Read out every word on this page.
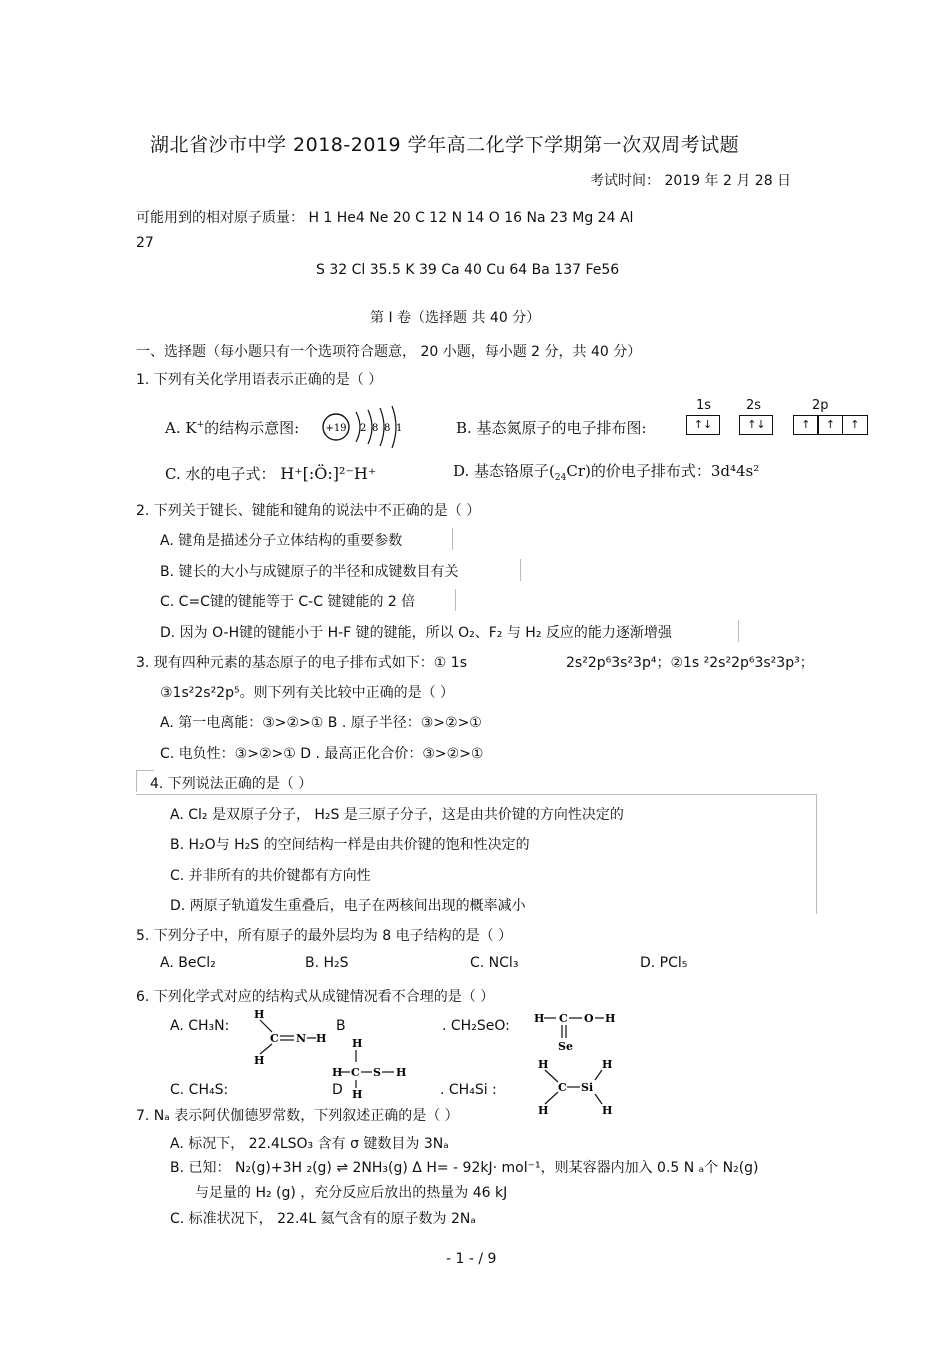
湖北省沙市中学 2018-2019 学年高二化学下学期第一次双周考试题
考试时间： 2019 年 2 月 28 日
可能用到的相对原子质量： H 1 He4 Ne 20 C 12 N 14 O 16 Na 23 Mg 24 Al
27
S 32 Cl 35.5 K 39 Ca 40 Cu 64 Ba 137 Fe56
第 I 卷（选择题 共 40 分）
一、选择题（每小题只有一个选项符合题意， 20 小题，每小题 2 分，共 40 分）
1. 下列有关化学用语表示正确的是（ ）
A. K+的结构示意图:	+19 2 8 8 1	B. 基态氮原子的电子排布图:
1s	2s	2p
↑↓	↑↓	↑ ↑ ↑
C. 水的电子式： H⁺[:Ö:]²⁻H⁺	D. 基态铬原子$(_{24}Cr)$的价电子排布式：3d⁴4s²
2. 下列关于键长、键能和键角的说法中不正确的是（ ）
A. 键角是描述分子立体结构的重要参数
B. 键长的大小与成键原子的半径和成键数目有关
C. C=C键的键能等于 C-C 键键能的 2 倍
D. 因为 O-H键的键能小于 H-F 键的键能，所以 O₂、F₂ 与 H₂ 反应的能力逐渐增强
3. 现有四种元素的基态原子的电子排布式如下：① 1s	2s²2p⁶3s²3p⁴；②1s ²2s²2p⁶3s²3p³；
③1s²2s²2p⁵。则下列有关比较中正确的是（ ）
A. 第一电离能：③>②>① B . 原子半径：③>②>①
C. 电负性：③>②>① D . 最高正化合价：③>②>①
4. 下列说法正确的是（ ）
A. Cl₂ 是双原子分子， H₂S 是三原子分子，这是由共价键的方向性决定的
B. H₂O与 H₂S 的空间结构一样是由共价键的饱和性决定的
C. 并非所有的共价键都有方向性
D. 两原子轨道发生重叠后，电子在两核间出现的概率减小
5. 下列分子中，所有原子的最外层均为 8 电子结构的是（ ）
A. BeCl₂	B. H₂S	C. NCl₃	D. PCl₅
6. 下列化学式对应的结构式从成键情况看不合理的是（ ）
A. CH₃N:	B	. CH₂SeO:
C. CH₄S:	D	. CH₄Si :
H
H
C N H H
H C S H
H
H C O H
Se
H
H
C Si
H
H
7. Nₐ 表示阿伏伽德罗常数，下列叙述正确的是（ ）
A. 标况下， 22.4LSO₃ 含有 σ 键数目为 3Nₐ
B. 已知： N₂(g)+3H ₂(g) ⇌ 2NH₃(g) Δ H= - 92kJ· mol⁻¹，则某容器内加入 0.5 N ₐ个 N₂(g)
与足量的 H₂ (g) ，充分反应后放出的热量为 46 kJ
C. 标准状况下， 22.4L 氦气含有的原子数为 2Nₐ
- 1 - / 9
